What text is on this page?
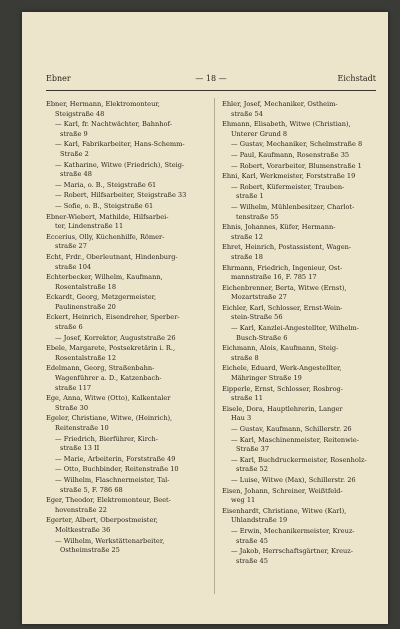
Ebner	— 18 —	Eichstadt
Ebner, Hermann, Elektromonteur,
Steigstraße 48
— Karl, fr. Nachtwächter, Bahnhof-
straße 9
— Karl, Fabrikarbeiter, Hans-Schemm-
Straße 2
— Katharine, Witwe (Friedrich), Steig-
straße 48
— Maria, o. B., Steigstraße 61
— Robert, Hilfsarbeiter, Steigstraße 33
— Sofie, o. B., Steigstraße 61
Ebner-Wiebert, Mathilde, Hilfsarbei-
ter, Lindenstraße 11
Eccerius, Olly, Küchenhilfe, Römer-
straße 27
Echt, Frdr., Oberleutnant, Hindenburg-
straße 104
Echterbecker, Wilhelm, Kaufmann,
Rosentalstraße 18
Eckardt, Georg, Metzgermeister,
Paulinenstraße 20
Eckert, Heinrich, Eisendreher, Sperber-
straße 6
— Josef, Korrektor, Auguststraße 26
Ebele, Margarete, Postsekretärin i. R.,
Rosentalstraße 12
Edelmann, Georg, Straßenbahn-
Wagenführer a. D., Katzenbach-
straße 117
Ege, Anna, Witwe (Otto), Kalkentaler
Straße 30
Egeler, Christiane, Witwe, (Heinrich),
Reitenstraße 10
— Friedrich, Bierführer, Kirch-
straße 13 II
— Marie, Arbeiterin, Forststraße 49
— Otto, Buchbinder, Reitenstraße 10
— Wilhelm, Flaschnermeister, Tal-
straße 5, F. 786 68
Eger, Theodor, Elektromonteur, Beet-
hovenstraße 22
Egerter, Albert, Oberpostmeister,
Moltkestraße 36
— Wilhelm, Werkstättenarbeiter,
Ostheimstraße 25
Ehler, Josef, Mechaniker, Ostheim-
straße 54
Ehmann, Elisabeth, Witwe (Christian),
Unterer Grund 8
— Gustav, Mechaniker, Schelmstraße 8
— Paul, Kaufmann, Rosenstraße 35
— Robert, Vorarbeiter, Blumenstraße 1
Ehni, Karl, Werkmeister, Forststraße 19
— Robert, Küfermeister, Trauben-
straße 1
— Wilhelm, Mühlenbesitzer, Charlot-
tenstraße 55
Ehnis, Johannes, Küfer, Hermann-
straße 12
Ehret, Heinrich, Postassistent, Wagen-
straße 18
Ehrmann, Friedrich, Ingenieur, Ost-
mannstraße 16, F. 785 17
Eichenbrenner, Berta, Witwe (Ernst),
Mozartstraße 27
Eichler, Karl, Schlosser, Ernst-Wein-
stein-Straße 56
— Karl, Kanzlei-Angestellter, Wilhelm-
Busch-Straße 6
Eichmann, Alois, Kaufmann, Steig-
straße 8
Eichele, Eduard, Werk-Angestellter,
Mähringer Straße 19
Eipperle, Ernst, Schlosser, Rosbrog-
straße 11
Eisele, Dora, Hauptlehrerin, Langer
Hau 3
— Gustav, Kaufmann, Schillerstr. 26
— Karl, Maschinenmeister, Reitenwie-
Straße 37
— Karl, Buchdruckermeister, Rosenholz-
straße 52
— Luise, Witwe (Max), Schillerstr. 26
Eisen, Johann, Schreiner, Weißtfeld-
weg 11
Eisenhardt, Christiane, Witwe (Karl),
Uhlandstraße 19
— Erwin, Mechanikermeister, Kreuz-
straße 45
— Jakob, Herrschaftsgärtner, Kreuz-
straße 45
